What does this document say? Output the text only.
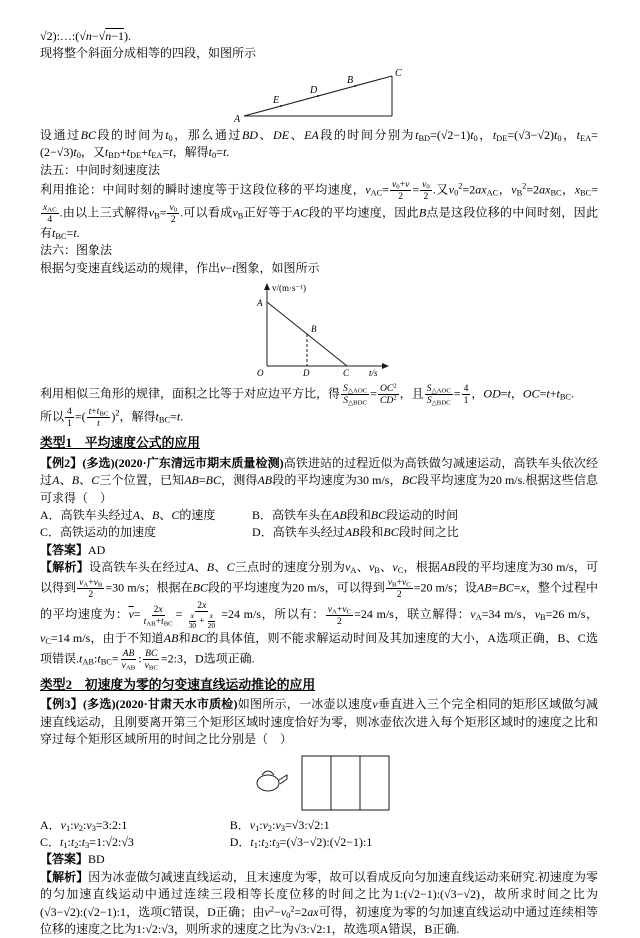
√2):…:(√n−√n−1).

现将整个斜面分成相等的四段，如图所示

A
E
D
B
C

设通过BC段的时间为$t_0$，那么通过BD、DE、EA段的时间分别为$t_{BD}=(√2-1)t_0$，$t_{DE}=(√3-√2)t_0$，$t_{EA}=(2-√3)t_0$，又$t_{BD}+t_{DE}+t_{EA}=t$，解得$t_0=t$.

法五：中间时刻速度法

利用推论：中间时刻的瞬时速度等于这段位移的平均速度，$v_{AC}= \frac{v_0+v}{2} = \frac{v_0}{2}$ .又$v_0^2=2ax_{AC}$，$v_B^2=2ax_{BC}$，$x_{BC}=$
$x_{AC}$
4
.由以上三式解得$v_B= \frac{v_0}{2}$ .可以看成$v_B$正好等于AC段的平均速度，因此B点是这段位移的中间时刻，因此有$t_{BC}=t$.

法六：图象法

根据匀变速直线运动的规律，作出v−t图象，如图所示

v/(m·s⁻¹)
A
B
O	D	C t/s

利用相似三角形的规律，面积之比等于对应边平方比，得 $S_{\triangle AOC}$
$S_{\triangle BDC}$
= $\frac{OC^2}{CD^2}$ ，且 $S_{\triangle AOC}$
$S_{\triangle BDC}$
= $\frac{4}{1}$ ，OD=t，$OC=t+t_{BC}$.

所以 $\frac{4}{1}$ =( $t+t_{BC}$
t
)$^2$，解得$t_{BC}=t$.

类型1　平均速度公式的应用

【例2】(多选)(2020·广东清远市期末质量检测)高铁进站的过程近似为高铁做匀减速运动，高铁车头依次经过A、B、C三个位置，已知AB=BC，测得AB段的平均速度为30 m/s，BC段平均速度为20 m/s.根据这些信息可求得（　）

A．高铁车头经过A、B、C的速度	B．高铁车头在AB段和BC段运动的时间
C．高铁运动的加速度	D．高铁车头经过AB段和BC段时间之比

【答案】AD

【解析】设高铁车头在经过A、B、C三点时的速度分别为$v_A$、$v_B$、$v_C$，根据AB段的平均速度为30 m/s，可以得到 $\frac{v_A+v_B}{2} =30$ m/s；根据在BC段的平均速度为20 m/s，可以得到 $\frac{v_B+v_C}{2} =20$ m/s；设AB=BC=x，整个过程中的平均速度为：$\overline{v}= 2x$
$t_{AB}+t_{BC}$
= $\frac{2x}{\frac{x}{30} + \frac{x}{20}} =24$ m/s，所以有： $\frac{v_A+v_C}{2} =24$ m/s，联立解得：$v_A=34$ m/s，$v_B=26$ m/s，$v_C=14$ m/s，由于不知道AB和BC的具体值，则不能求解运动时间及其加速度的大小，A选项正确，B、C选项错误$.t_{AB}:t_{BC}=$ AB
$\overline{v}_{AB}$
: BC
$\overline{v}_{BC}$
=2:3，D选项正确.

类型2　初速度为零的匀变速直线运动推论的应用

【例3】(多选)(2020·甘肃天水市质检)如图所示，一冰壶以速度v垂直进入三个完全相同的矩形区域做匀减速直线运动，且刚要离开第三个矩形区域时速度恰好为零，则冰壶依次进入每个矩形区域时的速度之比和穿过每个矩形区域所用的时间之比分别是（　）

A．$v_1:v_2:v_3=3:2:1$	B．$v_1:v_2:v_3=√3:√2:1$
C．$t_1:t_2:t_3=1:√2:√3$	D．$t_1:t_2:t_3=(√3-√2):(√2-1):1$

【答案】BD

【解析】因为冰壶做匀减速直线运动，且末速度为零，故可以看成反向匀加速直线运动来研究.初速度为零的匀加速直线运动中通过连续三段相等长度位移的时间之比为1:(√2−1):(√3−√2)，故所求时间之比为(√3−√2):(√2−1):1，选项C错误，D正确；由$v^2-v_0^2=2ax$可得，初速度为零的匀加速直线运动中通过连续相等位移的速度之比为1:√2:√3，则所求的速度之比为√3:√2:1，故选项A错误，B正确.
